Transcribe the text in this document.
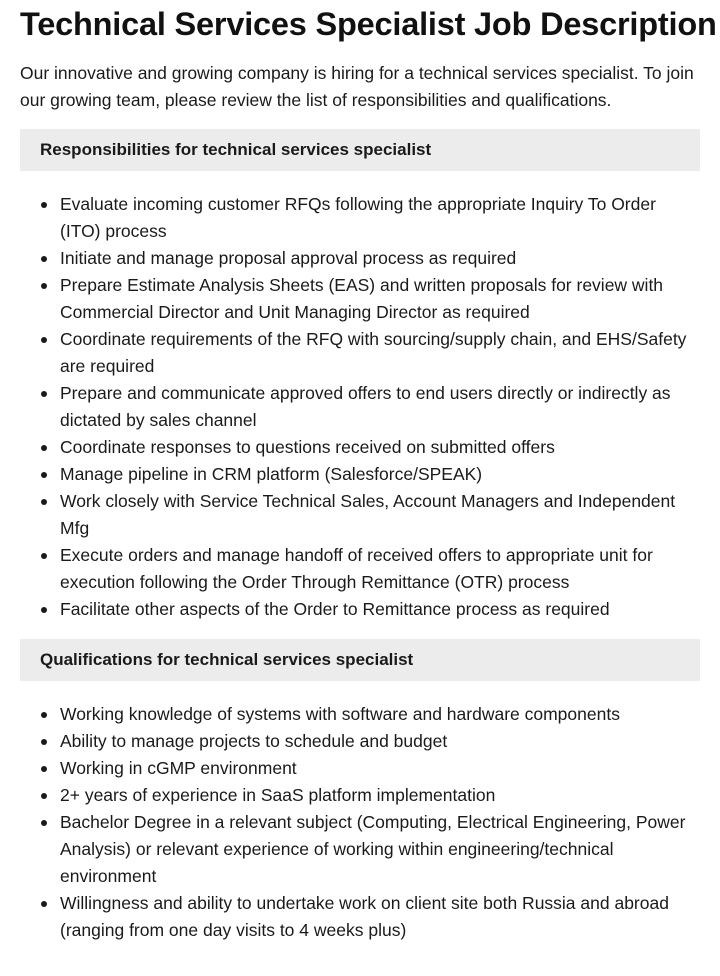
Technical Services Specialist Job Description

Our innovative and growing company is hiring for a technical services specialist. To join our growing team, please review the list of responsibilities and qualifications.

Responsibilities for technical services specialist
Evaluate incoming customer RFQs following the appropriate Inquiry To Order (ITO) process
Initiate and manage proposal approval process as required
Prepare Estimate Analysis Sheets (EAS) and written proposals for review with Commercial Director and Unit Managing Director as required
Coordinate requirements of the RFQ with sourcing/supply chain, and EHS/Safety are required
Prepare and communicate approved offers to end users directly or indirectly as dictated by sales channel
Coordinate responses to questions received on submitted offers
Manage pipeline in CRM platform (Salesforce/SPEAK)
Work closely with Service Technical Sales, Account Managers and Independent Mfg
Execute orders and manage handoff of received offers to appropriate unit for execution following the Order Through Remittance (OTR) process
Facilitate other aspects of the Order to Remittance process as required
Qualifications for technical services specialist
Working knowledge of systems with software and hardware components
Ability to manage projects to schedule and budget
Working in cGMP environment
2+ years of experience in SaaS platform implementation
Bachelor Degree in a relevant subject (Computing, Electrical Engineering, Power Analysis) or relevant experience of working within engineering/technical environment
Willingness and ability to undertake work on client site both Russia and abroad (ranging from one day visits to 4 weeks plus)
